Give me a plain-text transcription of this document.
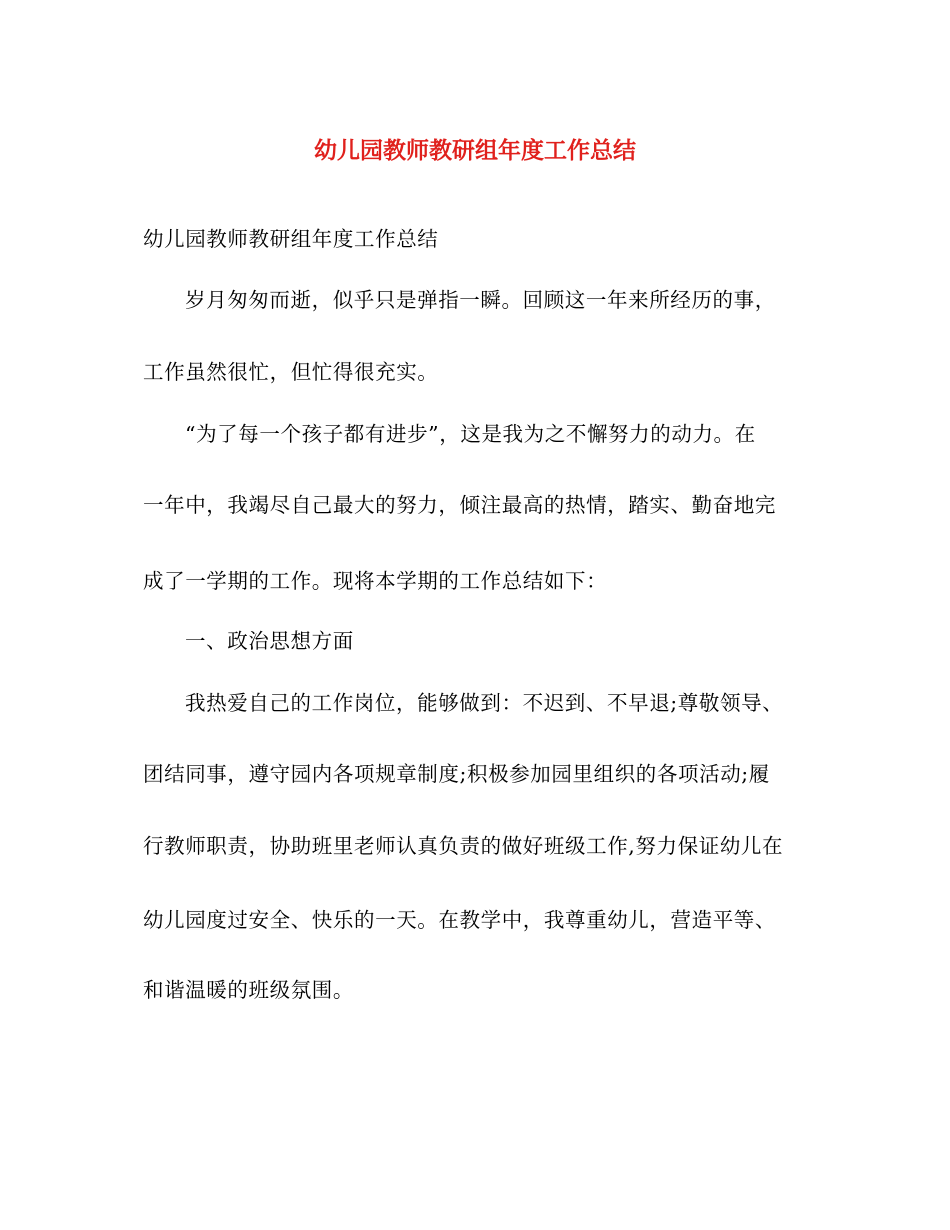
幼儿园教师教研组年度工作总结
幼儿园教师教研组年度工作总结
岁月匆匆而逝，似乎只是弹指一瞬。回顾这一年来所经历的事，
工作虽然很忙，但忙得很充实。
“为了每一个孩子都有进步”，这是我为之不懈努力的动力。在
一年中，我竭尽自己最大的努力，倾注最高的热情，踏实、勤奋地完
成了一学期的工作。现将本学期的工作总结如下：
一、政治思想方面
我热爱自己的工作岗位，能够做到：不迟到、不早退;尊敬领导、
团结同事，遵守园内各项规章制度;积极参加园里组织的各项活动;履
行教师职责，协助班里老师认真负责的做好班级工作,努力保证幼儿在
幼儿园度过安全、快乐的一天。在教学中，我尊重幼儿，营造平等、
和谐温暖的班级氛围。
